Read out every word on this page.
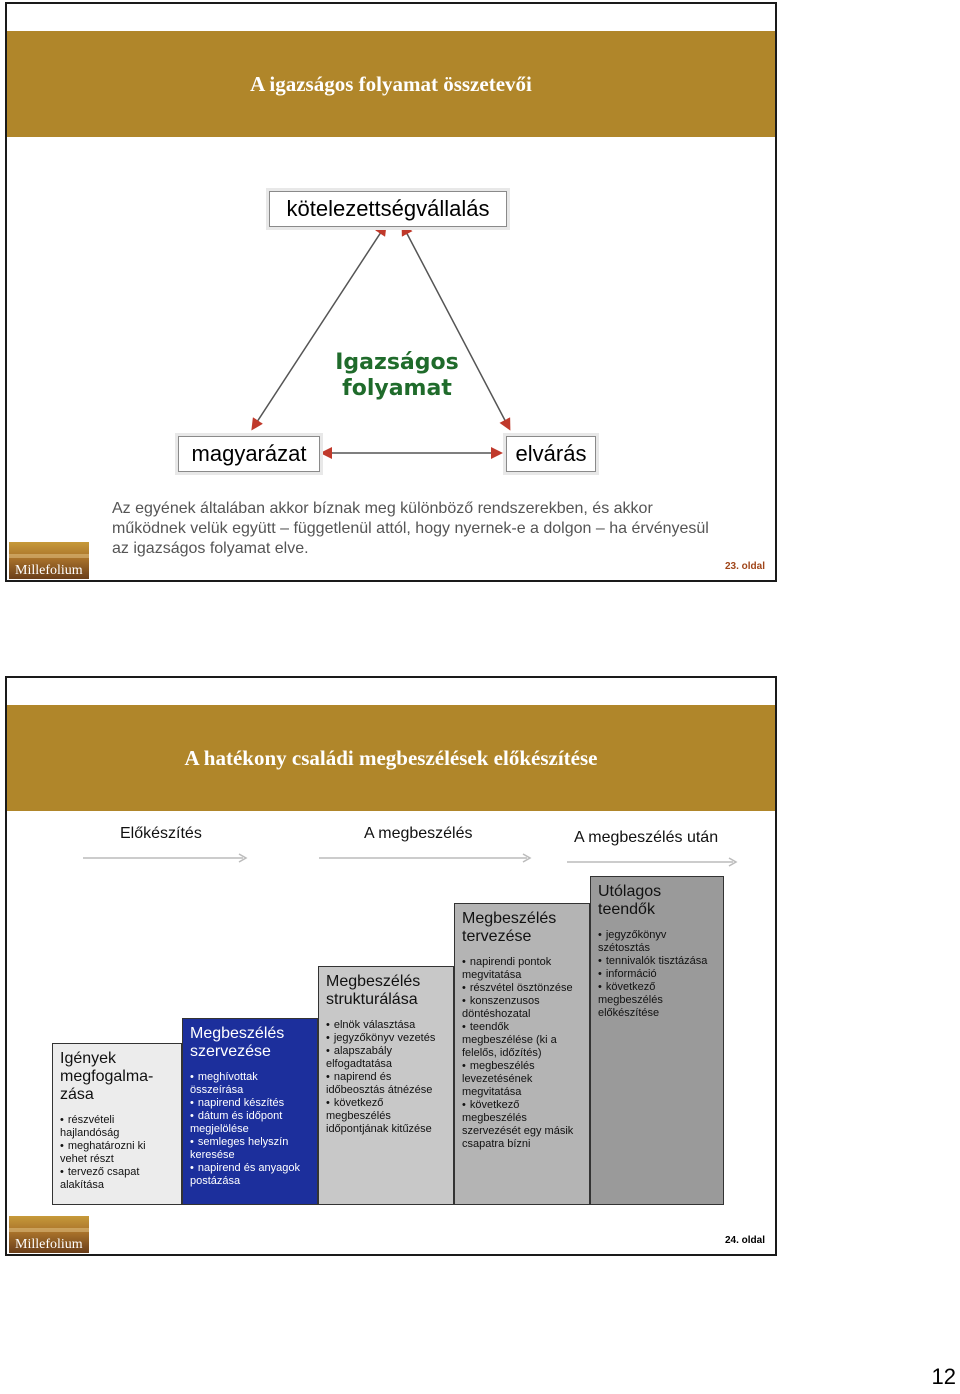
A igazságos folyamat összetevői
kötelezettségvállalás
Igazságos
folyamat
magyarázat	elvárás
Az egyének általában akkor bíznak meg különböző rendszerekben, és akkor működnek velük együtt – függetlenül attól, hogy nyernek-e a dolgon – ha érvényesül az igazságos folyamat elve.
Millefolium	23. oldal
A hatékony családi megbeszélések előkészítése
Előkészítés	A megbeszélés	A megbeszélés után
Igények megfogalma-zása
• részvételi hajlandóság
• meghatározni ki vehet részt
• tervező csapat alakítása
Megbeszélés szervezése
• meghívottak összeírása
• napirend készítés
• dátum és időpont megjelölése
• semleges helyszín keresése
• napirend és anyagok postázása
Megbeszélés strukturálása
• elnök választása
• jegyzőkönyv vezetés
• alapszabály elfogadtatása
• napirend és időbeosztás átnézése
• következő megbeszélés időpontjának kitűzése
Megbeszélés tervezése
• napirendi pontok megvitatása
• részvétel ösztönzése
• konszenzusos döntéshozatal
• teendők megbeszélése (ki a felelős, időzítés)
• megbeszélés levezetésének megvitatása
• következő megbeszélés szervezését egy másik csapatra bízni
Utólagos teendők
• jegyzőkönyv szétosztás
• tennivalók tisztázása
• információ
• következő megbeszélés előkészítése
Millefolium	24. oldal
12
